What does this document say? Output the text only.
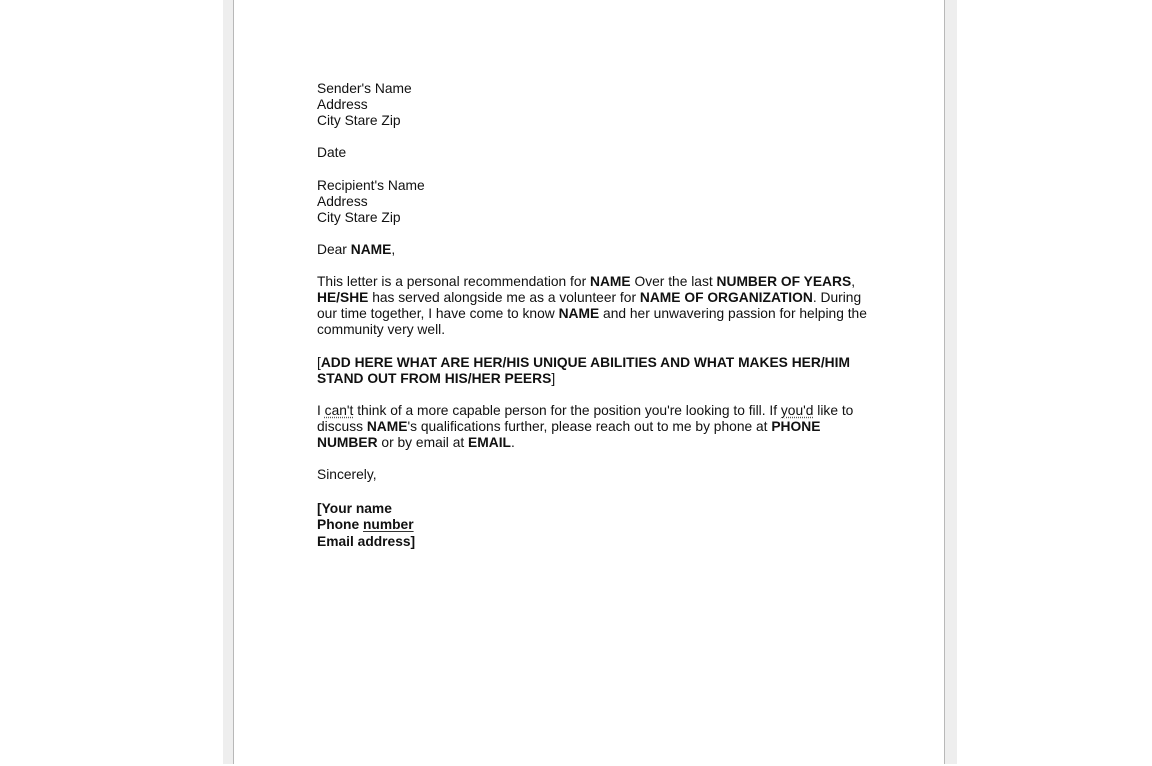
Sender's Name
Address
City Stare Zip
Date
Recipient's Name
Address
City Stare Zip
Dear NAME,
This letter is a personal recommendation for NAME Over the last NUMBER OF YEARS, HE/SHE has served alongside me as a volunteer for NAME OF ORGANIZATION. During our time together, I have come to know NAME and her unwavering passion for helping the community very well.
[ADD HERE WHAT ARE HER/HIS UNIQUE ABILITIES AND WHAT MAKES HER/HIM STAND OUT FROM HIS/HER PEERS]
I can't think of a more capable person for the position you're looking to fill. If you'd like to discuss NAME's qualifications further, please reach out to me by phone at PHONE NUMBER or by email at EMAIL.
Sincerely,
[Your name
Phone number
Email address]
